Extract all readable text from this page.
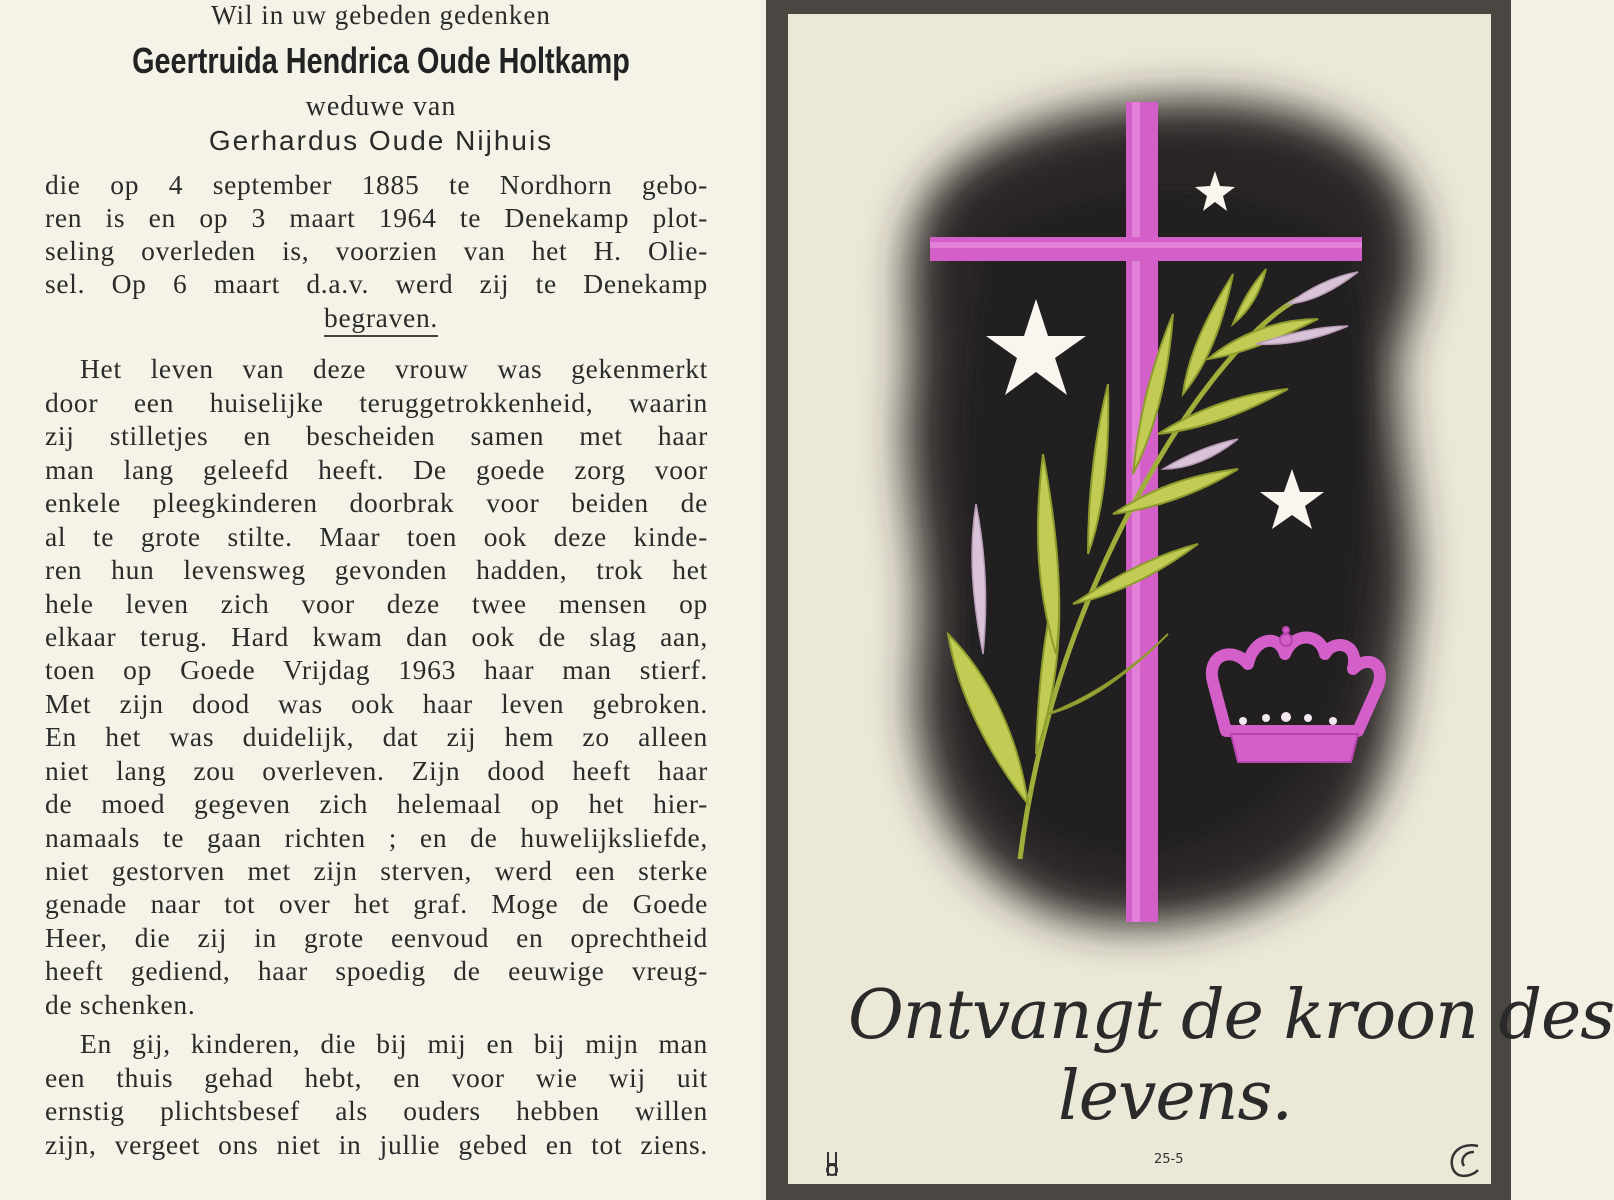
Wil in uw gebeden gedenken
Geertruida Hendrica Oude Holtkamp
weduwe van
Gerhardus Oude Nijhuis
die op 4 september 1885 te Nordhorn gebo-
ren is en op 3 maart 1964 te Denekamp plot-
seling overleden is, voorzien van het H. Olie-
sel. Op 6 maart d.a.v. werd zij te Denekamp
begraven.
Het leven van deze vrouw was gekenmerkt
door een huiselijke teruggetrokkenheid, waarin
zij stilletjes en bescheiden samen met haar
man lang geleefd heeft. De goede zorg voor
enkele pleegkinderen doorbrak voor beiden de
al te grote stilte. Maar toen ook deze kinde-
ren hun levensweg gevonden hadden, trok het
hele leven zich voor deze twee mensen op
elkaar terug. Hard kwam dan ook de slag aan,
toen op Goede Vrijdag 1963 haar man stierf.
Met zijn dood was ook haar leven gebroken.
En het was duidelijk, dat zij hem zo alleen
niet lang zou overleven. Zijn dood heeft haar
de moed gegeven zich helemaal op het hier-
namaals te gaan richten ; en de huwelijksliefde,
niet gestorven met zijn sterven, werd een sterke
genade naar tot over het graf. Moge de Goede
Heer, die zij in grote eenvoud en oprechtheid
heeft gediend, haar spoedig de eeuwige vreug-
de schenken.
En gij, kinderen, die bij mij en bij mijn man
een thuis gehad hebt, en voor wie wij uit
ernstig plichtsbesef als ouders hebben willen
zijn, vergeet ons niet in jullie gebed en tot ziens.
Ontvangt de kroon des
levens.
25-5
